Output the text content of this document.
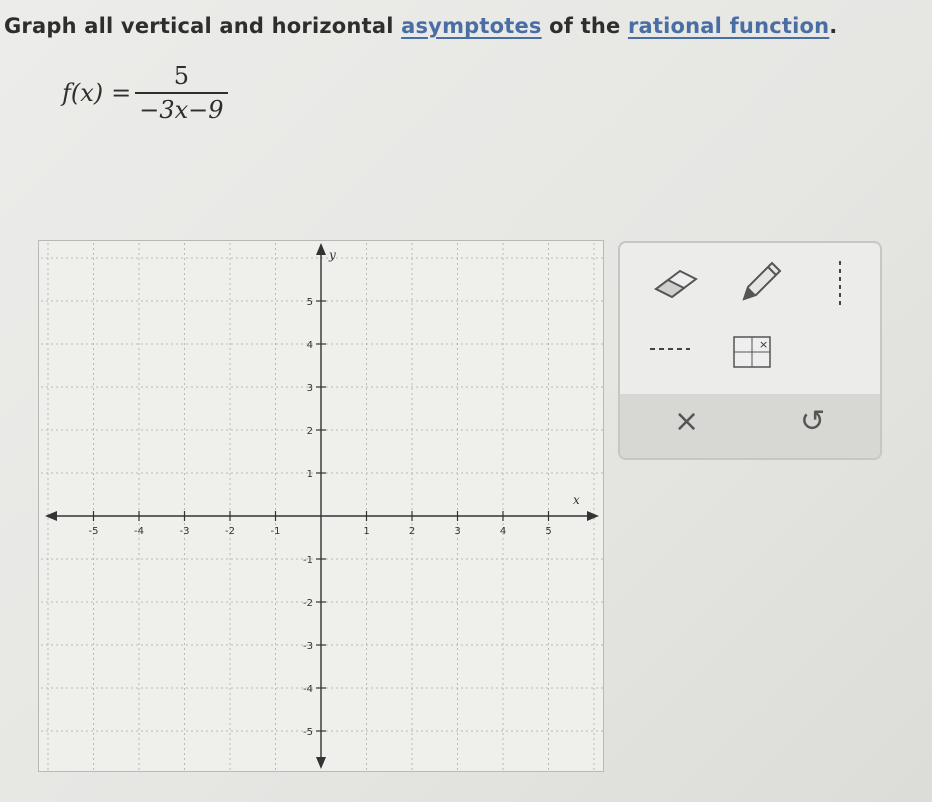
Graph all vertical and horizontal asymptotes of the rational function.

$f(x) = \frac{5}{-3x-9}$
x
y
-5	-4	-3	-2	-1	1	2	3	4	5
5
4
3
2
1
-1
-2
-3
-4
-5
×
×	↺
